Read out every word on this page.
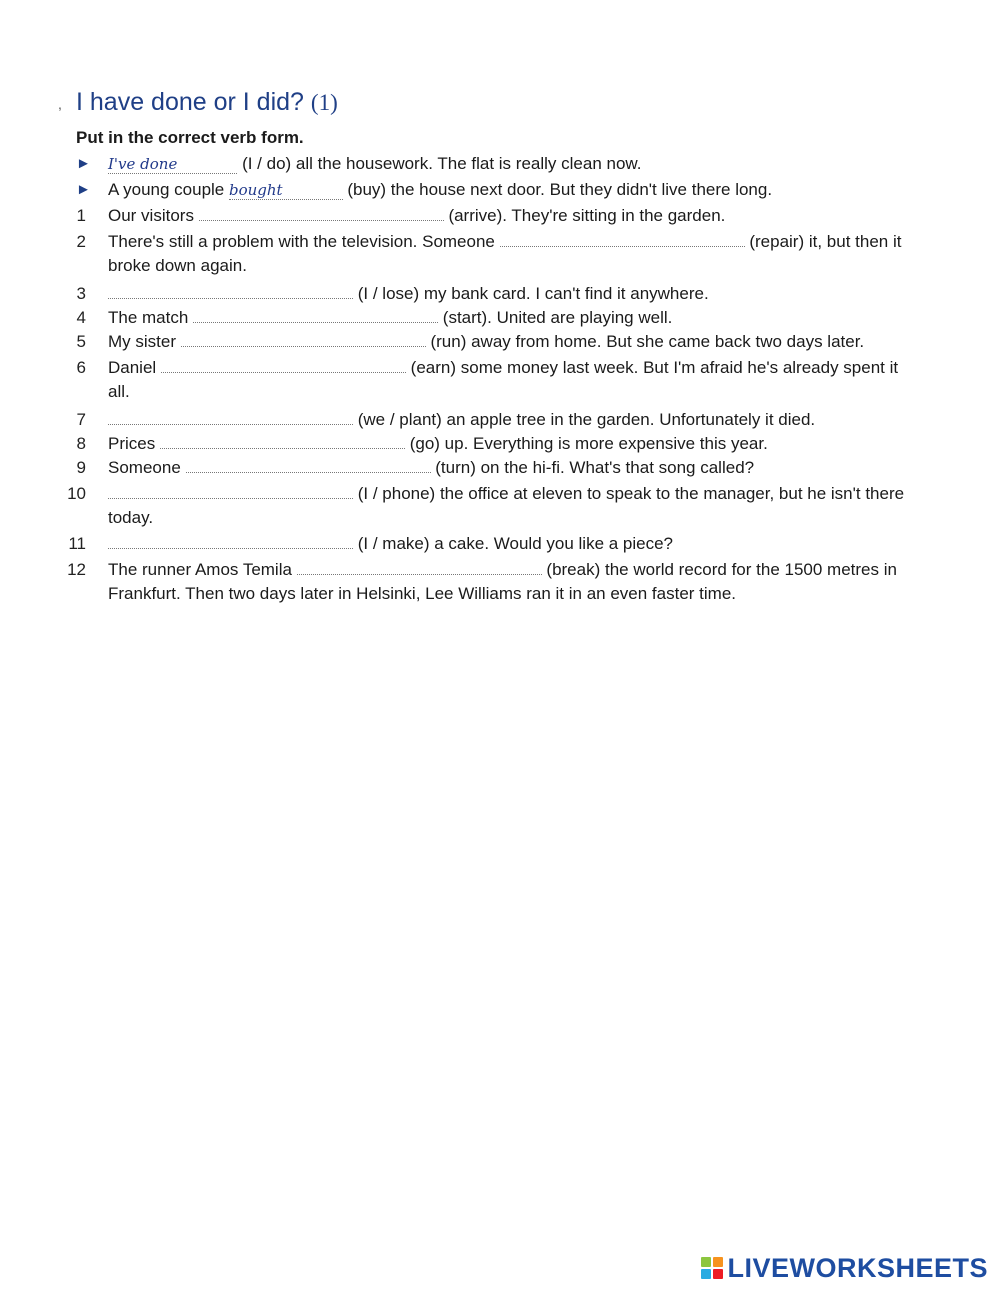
, I have done or I did? (1)
Put in the correct verb form.
► I've done	(I / do) all the housework. The flat is really clean now.
► A young couple bought	(buy) the house next door. But they didn't live there long.
1 Our visitors	(arrive). They're sitting in the garden.
2 There's still a problem with the television. Someone	(repair) it, but then it broke down again.
3	(I / lose) my bank card. I can't find it anywhere.
4 The match	(start). United are playing well.
5 My sister	(run) away from home. But she came back two days later.
6 Daniel	(earn) some money last week. But I'm afraid he's already spent it all.
7	(we / plant) an apple tree in the garden. Unfortunately it died.
8 Prices	(go) up. Everything is more expensive this year.
9 Someone	(turn) on the hi-fi. What's that song called?
10	(I / phone) the office at eleven to speak to the manager, but he isn't there today.
11	(I / make) a cake. Would you like a piece?
12 The runner Amos Temila	(break) the world record for the 1500 metres in Frankfurt. Then two days later in Helsinki, Lee Williams ran it in an even faster time.
LIVEWORKSHEETS
